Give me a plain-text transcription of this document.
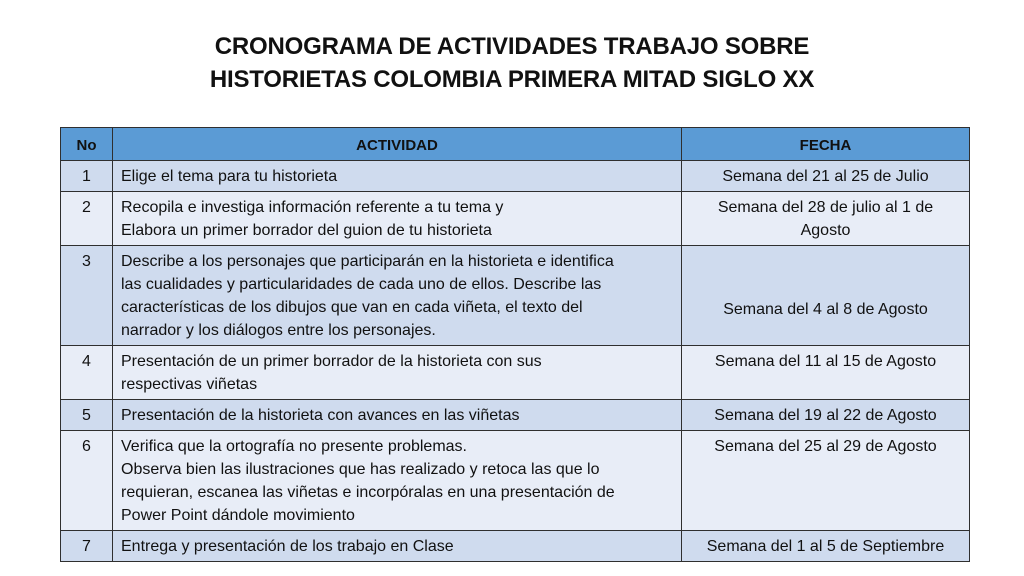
CRONOGRAMA DE ACTIVIDADES TRABAJO SOBRE
HISTORIETAS COLOMBIA PRIMERA MITAD SIGLO XX
No	ACTIVIDAD	FECHA
1	Elige el tema para tu historieta	Semana del 21 al 25 de Julio

2	Recopila e investiga información referente a tu tema y
Elabora un primer borrador del guion de tu historieta	Semana del 28 de julio al 1 de
Agosto

3	Describe a los personajes que participarán en la historieta e identifica
las cualidades y particularidades de cada uno de ellos. Describe las
características de los dibujos que van en cada viñeta, el texto del
narrador y los diálogos entre los personajes.	Semana del 4 al 8 de Agosto

4	Presentación de un primer borrador de la historieta con sus
respectivas viñetas	Semana del 11 al 15 de Agosto

5	Presentación de la historieta con avances en las viñetas	Semana del 19 al 22 de Agosto

6	Verifica que la ortografía no presente problemas.
Observa bien las ilustraciones que has realizado y retoca las que lo
requieran, escanea las viñetas e incorpóralas en una presentación de
Power Point dándole movimiento	Semana del 25 al 29 de Agosto

7	Entrega y presentación de los trabajo en Clase	Semana del 1 al 5 de Septiembre
